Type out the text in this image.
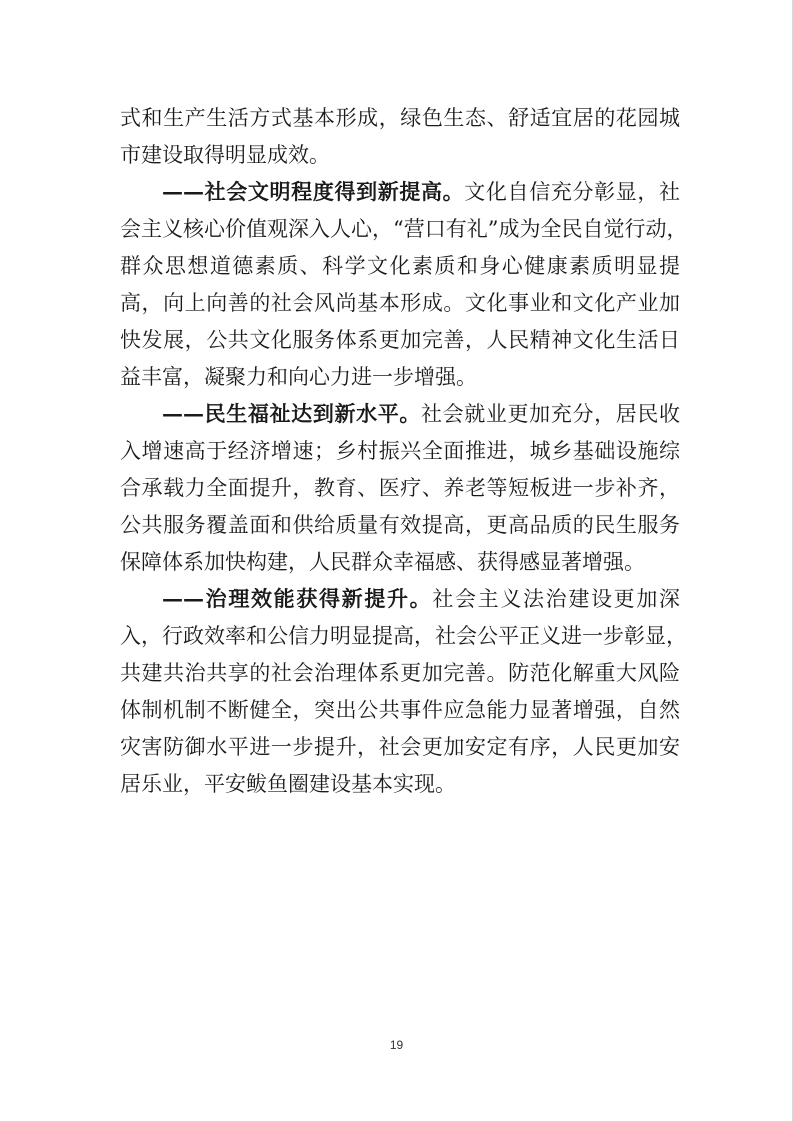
式和生产生活方式基本形成，绿色生态、舒适宜居的花园城
市建设取得明显成效。
——社会文明程度得到新提高。文化自信充分彰显，社
会主义核心价值观深入人心，“营口有礼”成为全民自觉行动，
群众思想道德素质、科学文化素质和身心健康素质明显提
高，向上向善的社会风尚基本形成。文化事业和文化产业加
快发展，公共文化服务体系更加完善，人民精神文化生活日
益丰富，凝聚力和向心力进一步增强。
——民生福祉达到新水平。社会就业更加充分，居民收
入增速高于经济增速；乡村振兴全面推进，城乡基础设施综
合承载力全面提升，教育、医疗、养老等短板进一步补齐，
公共服务覆盖面和供给质量有效提高，更高品质的民生服务
保障体系加快构建，人民群众幸福感、获得感显著增强。
——治理效能获得新提升。社会主义法治建设更加深
入，行政效率和公信力明显提高，社会公平正义进一步彰显，
共建共治共享的社会治理体系更加完善。防范化解重大风险
体制机制不断健全，突出公共事件应急能力显著增强，自然
灾害防御水平进一步提升，社会更加安定有序，人民更加安
居乐业，平安鲅鱼圈建设基本实现。
19
